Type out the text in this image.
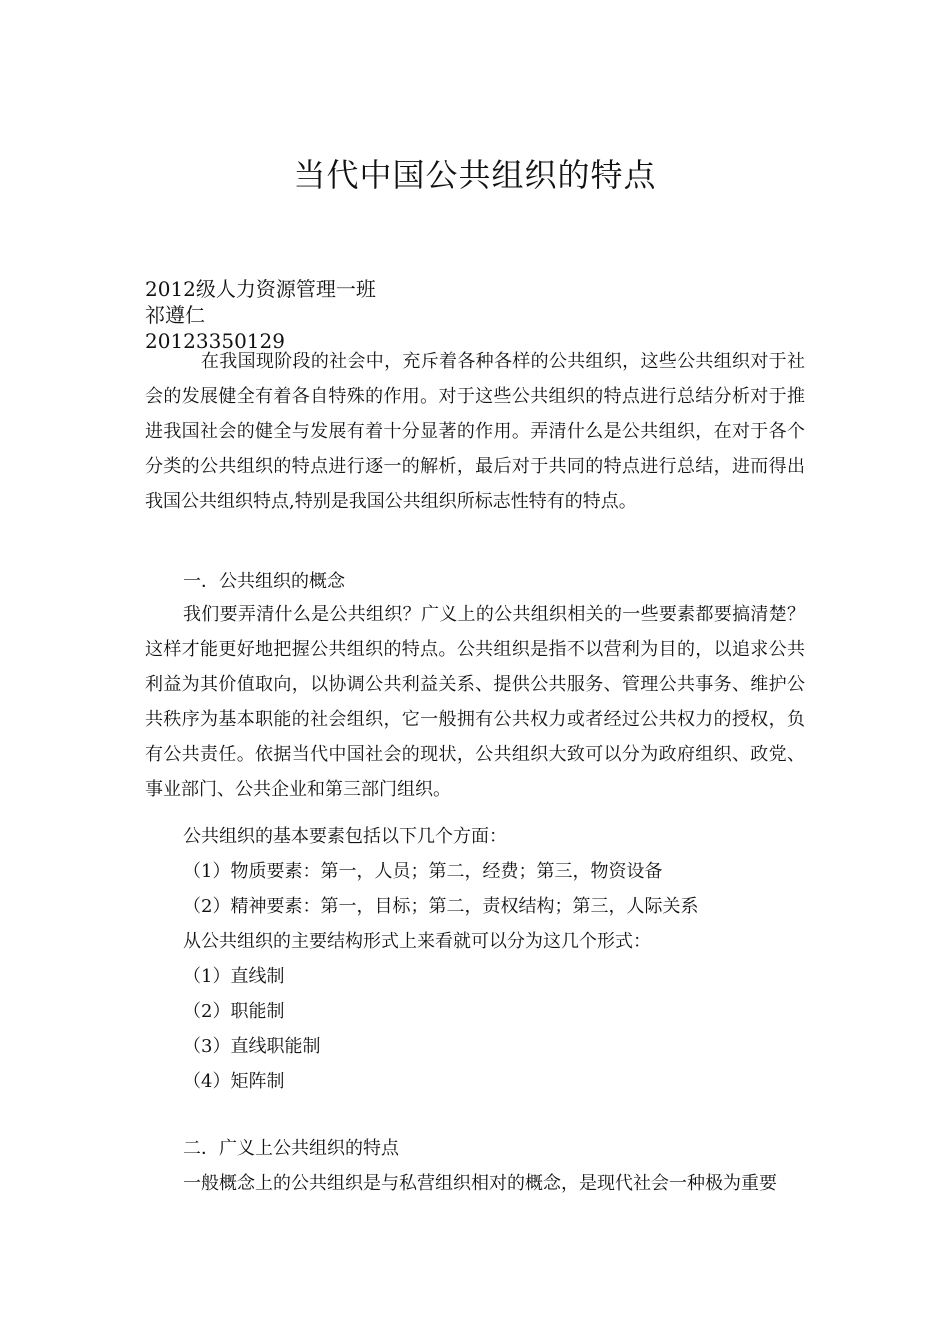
当代中国公共组织的特点
2012级人力资源管理一班
祁遵仁
20123350129
在我国现阶段的社会中，充斥着各种各样的公共组织，这些公共组织对于社会的发展健全有着各自特殊的作用。对于这些公共组织的特点进行总结分析对于推进我国社会的健全与发展有着十分显著的作用。弄清什么是公共组织，在对于各个分类的公共组织的特点进行逐一的解析，最后对于共同的特点进行总结，进而得出我国公共组织特点,特别是我国公共组织所标志性特有的特点。
一．公共组织的概念
我们要弄清什么是公共组织？广义上的公共组织相关的一些要素都要搞清楚？这样才能更好地把握公共组织的特点。公共组织是指不以营利为目的，以追求公共利益为其价值取向，以协调公共利益关系、提供公共服务、管理公共事务、维护公共秩序为基本职能的社会组织，它一般拥有公共权力或者经过公共权力的授权，负有公共责任。依据当代中国社会的现状，公共组织大致可以分为政府组织、政党、事业部门、公共企业和第三部门组织。
公共组织的基本要素包括以下几个方面：
（1）物质要素：第一，人员；第二，经费；第三，物资设备
（2）精神要素：第一，目标；第二，责权结构；第三，人际关系
从公共组织的主要结构形式上来看就可以分为这几个形式：
（1）直线制
（2）职能制
（3）直线职能制
（4）矩阵制
二．广义上公共组织的特点
一般概念上的公共组织是与私营组织相对的概念，是现代社会一种极为重要
